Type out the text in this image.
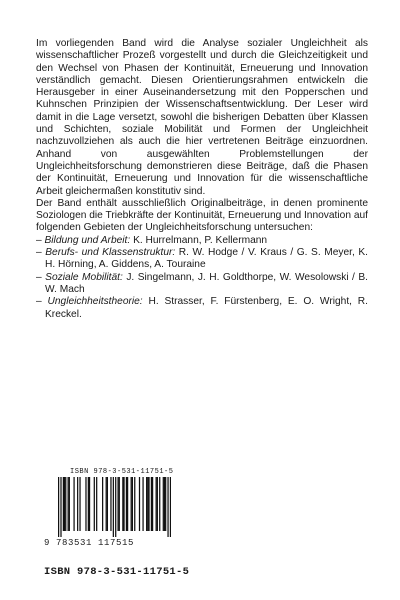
Im vorliegenden Band wird die Analyse sozialer Ungleichheit als wissenschaftlicher Prozeß vorgestellt und durch die Gleichzeitigkeit und den Wechsel von Phasen der Kontinuität, Erneuerung und Innovation verständlich gemacht. Diesen Orientierungsrahmen entwickeln die Herausgeber in einer Auseinandersetzung mit den Popperschen und Kuhnschen Prinzipien der Wissenschaftsentwicklung. Der Leser wird damit in die Lage versetzt, sowohl die bisherigen Debatten über Klassen und Schichten, soziale Mobilität und Formen der Ungleichheit nachzuvollziehen als auch die hier vertretenen Beiträge einzuordnen. Anhand von ausgewählten Problemstellungen der Ungleichheitsforschung demonstrieren diese Beiträge, daß die Phasen der Kontinuität, Erneuerung und Innovation für die wissenschaftliche Arbeit gleichermaßen konstitutiv sind.

Der Band enthält ausschließlich Originalbeiträge, in denen prominente Soziologen die Triebkräfte der Kontinuität, Erneuerung und Innovation auf folgenden Gebieten der Ungleichheitsforschung untersuchen:

– Bildung und Arbeit: K. Hurrelmann, P. Kellermann
– Berufs- und Klassenstruktur: R. W. Hodge / V. Kraus / G. S. Meyer, K. H. Hörning, A. Giddens, A. Touraine
– Soziale Mobilität: J. Singelmann, J. H. Goldthorpe, W. Wesolowski / B. W. Mach
– Ungleichheitstheorie: H. Strasser, F. Fürstenberg, E. O. Wright, R. Kreckel.
ISBN 978-3-531-11751-5
9 783531 117515
ISBN 978-3-531-11751-5
